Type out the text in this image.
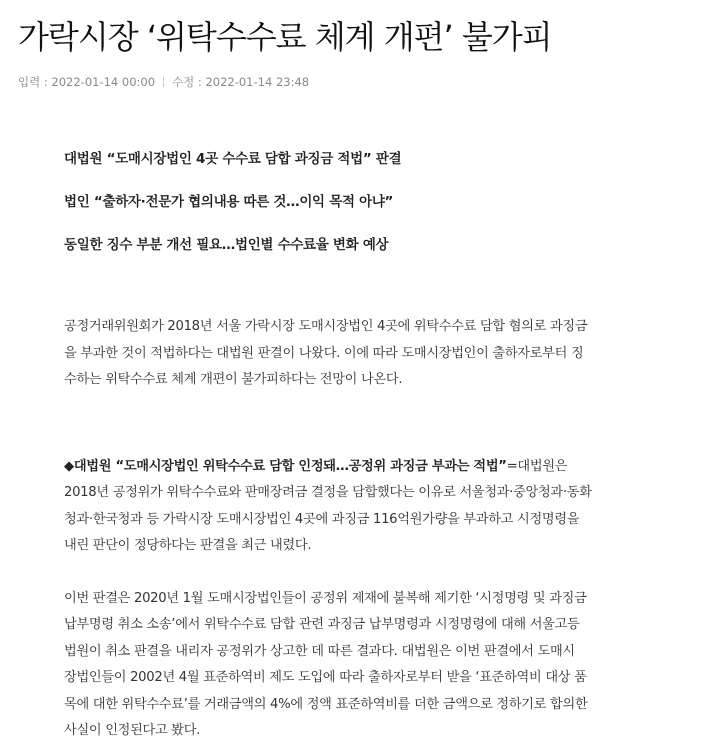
가락시장 ‘위탁수수료 체계 개편’ 불가피
입력 : 2022-01-14 00:00 수정 : 2022-01-14 23:48

대법원 “도매시장법인 4곳 수수료 담합 과징금 적법” 판결

법인 “출하자·전문가 협의내용 따른 것…이익 목적 아냐”

동일한 징수 부분 개선 필요…법인별 수수료율 변화 예상

공정거래위원회가 2018년 서울 가락시장 도매시장법인 4곳에 위탁수수료 담합 혐의로 과징금
을 부과한 것이 적법하다는 대법원 판결이 나왔다. 이에 따라 도매시장법인이 출하자로부터 징
수하는 위탁수수료 체계 개편이 불가피하다는 전망이 나온다.

◆대법원 “도매시장법인 위탁수수료 담합 인정돼…공정위 과징금 부과는 적법”=대법원은
2018년 공정위가 위탁수수료와 판매장려금 결정을 담합했다는 이유로 서울청과·중앙청과·동화
청과·한국청과 등 가락시장 도매시장법인 4곳에 과징금 116억원가량을 부과하고 시정명령을
내린 판단이 정당하다는 판결을 최근 내렸다.

이번 판결은 2020년 1월 도매시장법인들이 공정위 제재에 불복해 제기한 ‘시정명령 및 과징금
납부명령 취소 소송’에서 위탁수수료 담합 관련 과징금 납부명령과 시정명령에 대해 서울고등
법원이 취소 판결을 내리자 공정위가 상고한 데 따른 결과다. 대법원은 이번 판결에서 도매시
장법인들이 2002년 4월 표준하역비 제도 도입에 따라 출하자로부터 받을 ‘표준하역비 대상 품
목에 대한 위탁수수료’를 거래금액의 4%에 정액 표준하역비를 더한 금액으로 정하기로 합의한
사실이 인정된다고 봤다.
